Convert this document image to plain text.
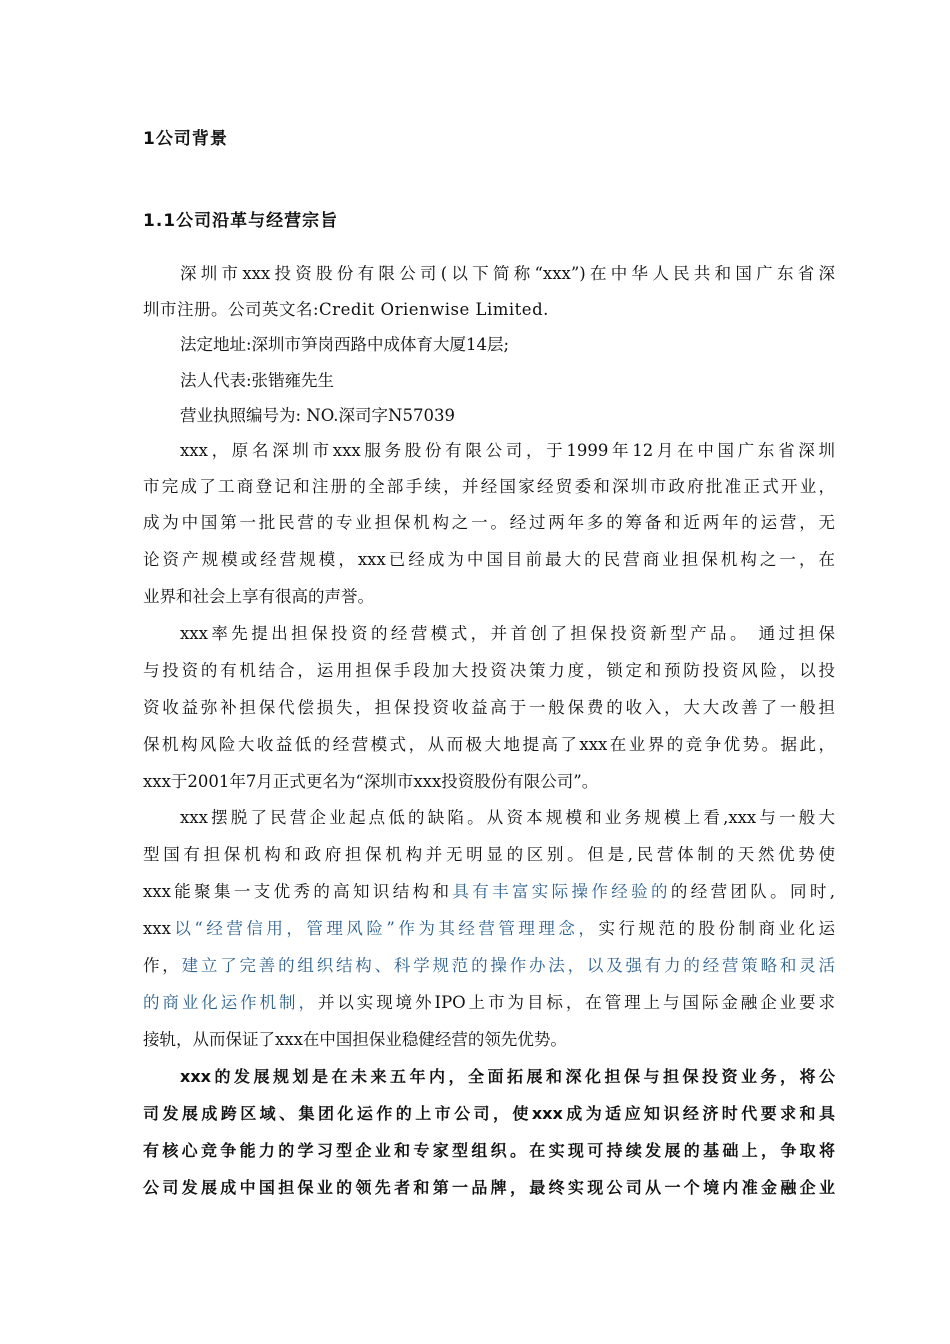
1公司背景
1.1公司沿革与经营宗旨
深圳市xxx投资股份有限公司(以下简称“xxx”)在中华人民共和国广东省深
圳市注册。公司英文名:Credit Orienwise Limited.
法定地址:深圳市笋岗西路中成体育大厦14层;
法人代表:张锴雍先生
营业执照编号为: NO.深司字N57039
xxx，原名深圳市xxx服务股份有限公司，于1999年12月在中国广东省深圳
市完成了工商登记和注册的全部手续，并经国家经贸委和深圳市政府批准正式开业，
成为中国第一批民营的专业担保机构之一。经过两年多的筹备和近两年的运营，无
论资产规模或经营规模，xxx已经成为中国目前最大的民营商业担保机构之一，在
业界和社会上享有很高的声誉。
xxx率先提出担保投资的经营模式，并首创了担保投资新型产品。 通过担保
与投资的有机结合，运用担保手段加大投资决策力度，锁定和预防投资风险，以投
资收益弥补担保代偿损失，担保投资收益高于一般保费的收入，大大改善了一般担
保机构风险大收益低的经营模式，从而极大地提高了xxx在业界的竞争优势。据此，
xxx于2001年7月正式更名为“深圳市xxx投资股份有限公司”。
xxx摆脱了民营企业起点低的缺陷。从资本规模和业务规模上看,xxx与一般大
型国有担保机构和政府担保机构并无明显的区别。但是,民营体制的天然优势使
xxx能聚集一支优秀的高知识结构和具有丰富实际操作经验的的经营团队。同时,
xxx以“经营信用，管理风险”作为其经营管理理念，实行规范的股份制商业化运
作，建立了完善的组织结构、科学规范的操作办法，以及强有力的经营策略和灵活
的商业化运作机制，并以实现境外IPO上市为目标，在管理上与国际金融企业要求
接轨，从而保证了xxx在中国担保业稳健经营的领先优势。
xxx的发展规划是在未来五年内，全面拓展和深化担保与担保投资业务，将公
司发展成跨区域、集团化运作的上市公司，使xxx成为适应知识经济时代要求和具
有核心竞争能力的学习型企业和专家型组织。在实现可持续发展的基础上，争取将
公司发展成中国担保业的领先者和第一品牌，最终实现公司从一个境内准金融企业
